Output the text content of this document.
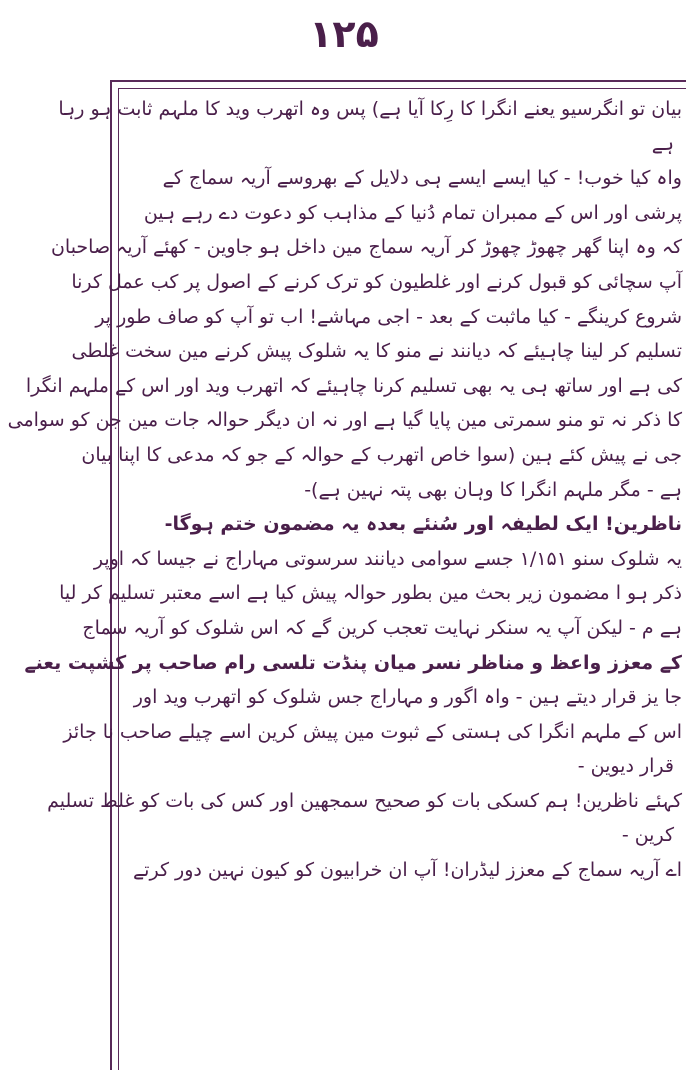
۱۲۵
بیان تو انگرسیو یعنے انگرا کا رِکا آیا ہے) پس وہ اتھرب وید کا ملہم ثابت ہو رہا
ہے
واہ کیا خوب! - کیا ایسے ایسے ہی دلایل کے بھروسے آریہ سماج کے
پرشی اور اس کے ممبران تمام دُنیا کے مذاہب کو دعوت دے رہے ہین
کہ وہ اپنا گھر چھوڑ چھوڑ کر آریہ سماج مین داخل ہو جاوین - کھئے آریہ صاحبان
آپ سچائی کو قبول کرنے اور غلطیون کو ترک کرنے کے اصول پر کب عمل کرنا
شروع کرینگے - کیا ماثبت کے بعد - اجی مہاشے! اب تو آپ کو صاف طور پر
تسلیم کر لینا چاہیئے کہ دیانند نے منو کا یہ شلوک پیش کرنے مین سخت غلطی
کی ہے اور ساتھ ہی یہ بھی تسلیم کرنا چاہیئے کہ اتھرب وید اور اس کے ملہم انگرا
کا ذکر نہ تو منو سمرتی مین پایا گیا ہے اور نہ ان دیگر حوالہ جات مین جن کو سوامی
جی نے پیش کئے ہین (سوا خاص اتھرب کے حوالہ کے جو کہ مدعی کا اپنا بیان
ہے - مگر ملہم انگرا کا وہان بھی پتہ نہین ہے)-
ناظرین! ایک لطیفہ اور سُنئے بعدہ یہ مضمون ختم ہوگا-
یہ شلوک سنو ۱/۱۵۱ جسے سوامی دیانند سرسوتی مہاراج نے جیسا کہ اوپر
ذکر ہو ا مضمون زیر بحث مین بطور حوالہ پیش کیا ہے اسے معتبر تسلیم کر لیا
ہے م - لیکن آپ یہ سنکر نہایت تعجب کرین گے کہ اس شلوک کو آریہ سماج
کے معزز واعظ و مناظر نسر میان پنڈت تلسی رام صاحب پر کشپت یعنے
جا یز قرار دیتے ہین - واہ اگور و مہاراج جس شلوک کو اتھرب وید اور
اس کے ملہم انگرا کی ہستی کے ثبوت مین پیش کرین اسے چیلے صاحب نا جائز
قرار دیوین -
کہئے ناظرین! ہم کسکی بات کو صحیح سمجھین اور کس کی بات کو غلط تسلیم
کرین -
اے آریہ سماج کے معزز لیڈران! آپ ان خرابیون کو کیون نہین دور کرتے
